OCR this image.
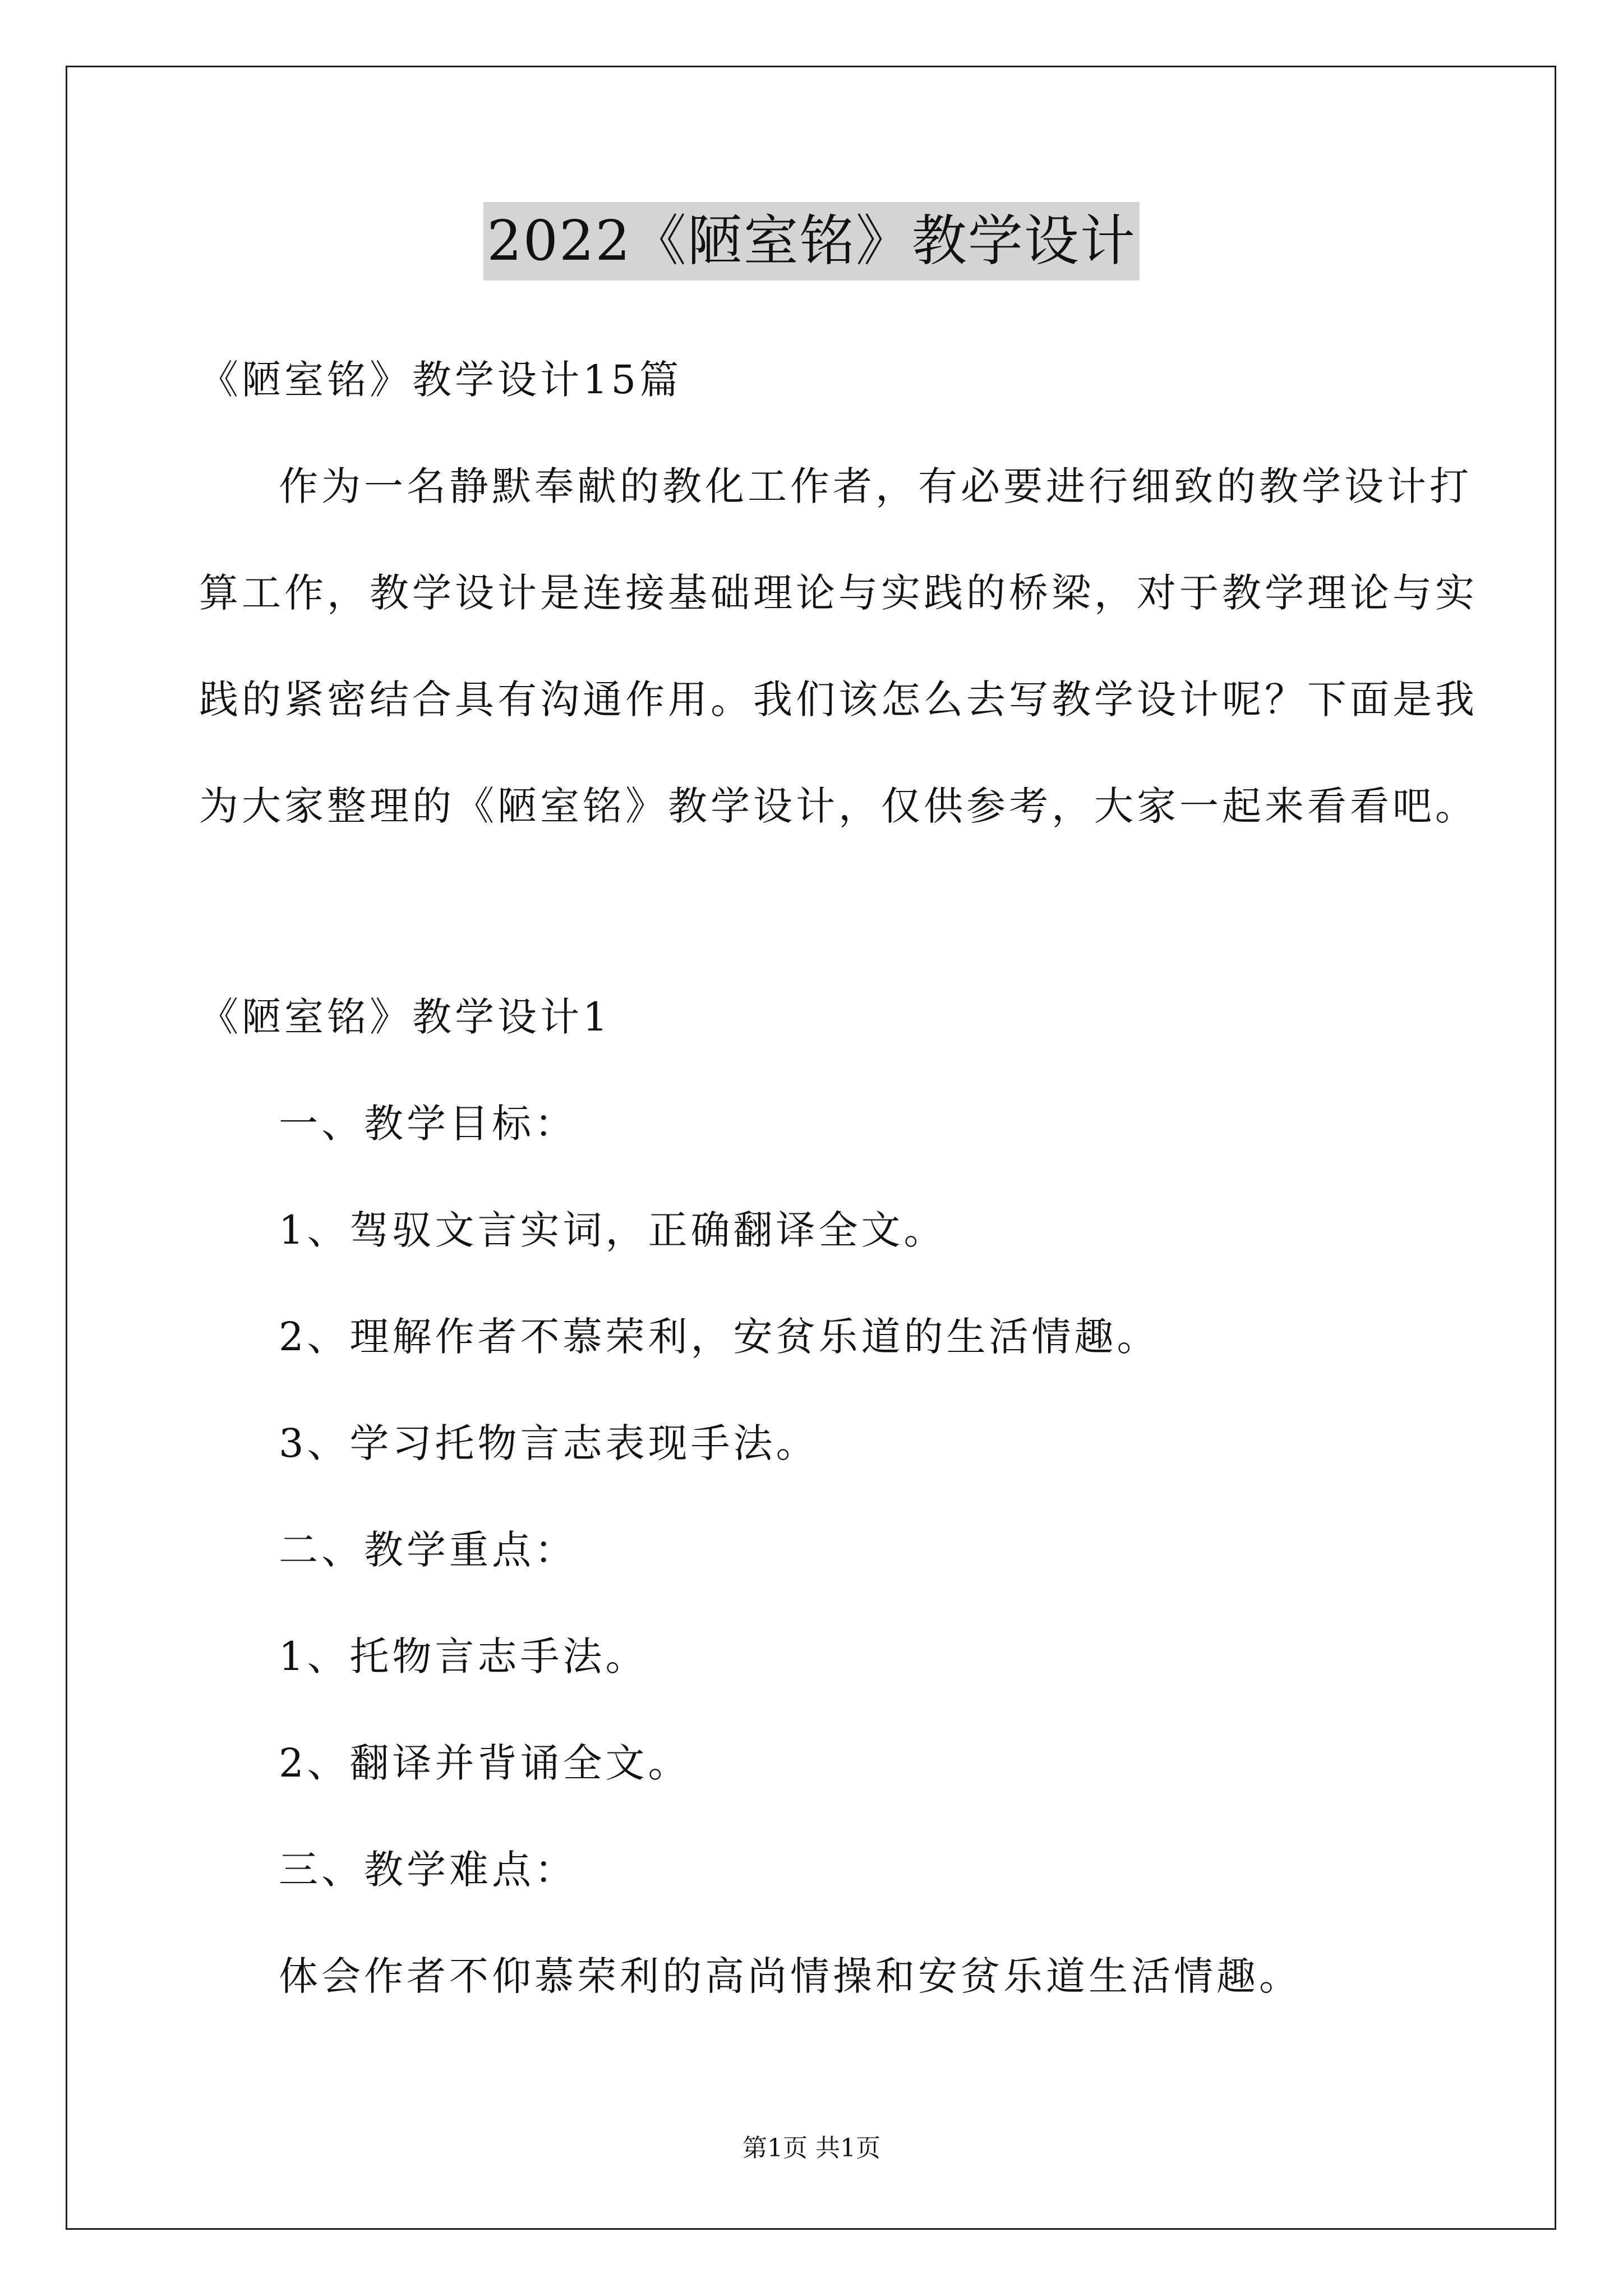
2022《陋室铭》教学设计
《陋室铭》教学设计15篇
作为一名静默奉献的教化工作者，有必要进行细致的教学设计打
算工作，教学设计是连接基础理论与实践的桥梁，对于教学理论与实
践的紧密结合具有沟通作用。我们该怎么去写教学设计呢？下面是我
为大家整理的《陋室铭》教学设计，仅供参考，大家一起来看看吧。
《陋室铭》教学设计1
一、教学目标：
1、驾驭文言实词，正确翻译全文。
2、理解作者不慕荣利，安贫乐道的生活情趣。
3、学习托物言志表现手法。
二、教学重点：
1、托物言志手法。
2、翻译并背诵全文。
三、教学难点：
体会作者不仰慕荣利的高尚情操和安贫乐道生活情趣。
第1页 共1页
